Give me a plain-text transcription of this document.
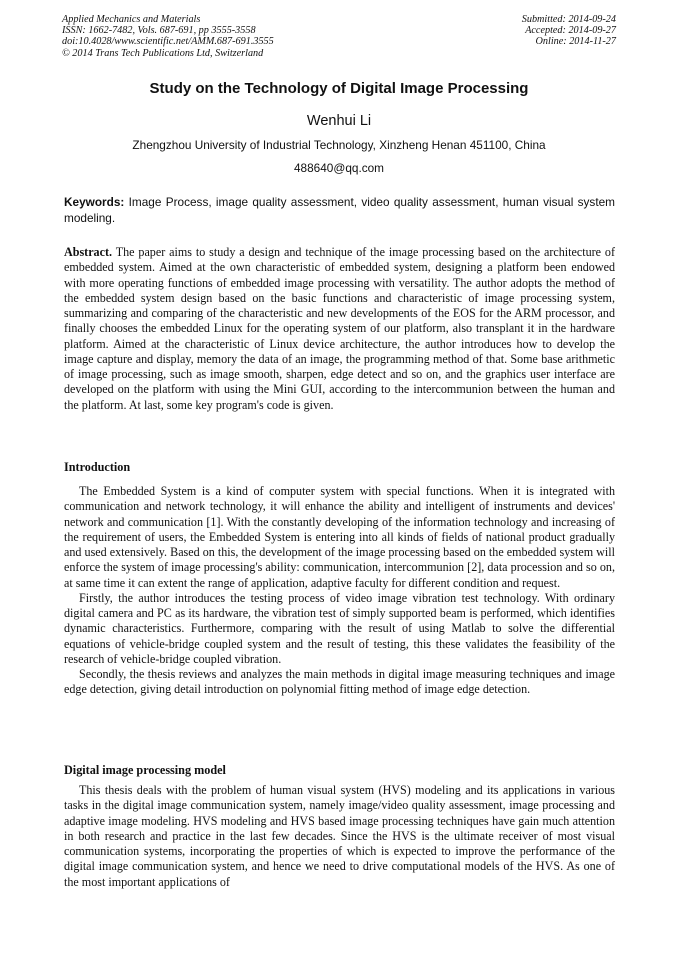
Applied Mechanics and Materials
ISSN: 1662-7482, Vols. 687-691, pp 3555-3558
doi:10.4028/www.scientific.net/AMM.687-691.3555
© 2014 Trans Tech Publications Ltd, Switzerland
Submitted: 2014-09-24
Accepted: 2014-09-27
Online: 2014-11-27
Study on the Technology of Digital Image Processing
Wenhui Li
Zhengzhou University of Industrial Technology, Xinzheng Henan 451100, China
488640@qq.com
Keywords: Image Process, image quality assessment, video quality assessment, human visual system modeling.
Abstract. The paper aims to study a design and technique of the image processing based on the architecture of embedded system. Aimed at the own characteristic of embedded system, designing a platform been endowed with more operating functions of embedded image processing with versatility. The author adopts the method of the embedded system design based on the basic functions and characteristic of image processing system, summarizing and comparing of the characteristic and new developments of the EOS for the ARM processor, and finally chooses the embedded Linux for the operating system of our platform, also transplant it in the hardware platform. Aimed at the characteristic of Linux device architecture, the author introduces how to develop the image capture and display, memory the data of an image, the programming method of that. Some base arithmetic of image processing, such as image smooth, sharpen, edge detect and so on, and the graphics user interface are developed on the platform with using the Mini GUI, according to the intercommunion between the human and the platform. At last, some key program's code is given.
Introduction

The Embedded System is a kind of computer system with special functions. When it is integrated with communication and network technology, it will enhance the ability and intelligent of instruments and devices' network and communication [1]. With the constantly developing of the information technology and increasing of the requirement of users, the Embedded System is entering into all kinds of fields of national product gradually and used extensively. Based on this, the development of the image processing based on the embedded system will enforce the system of image processing's ability: communication, intercommunion [2], data procession and so on, at same time it can extent the range of application, adaptive faculty for different condition and request.

Firstly, the author introduces the testing process of video image vibration test technology. With ordinary digital camera and PC as its hardware, the vibration test of simply supported beam is performed, which identifies dynamic characteristics. Furthermore, comparing with the result of using Matlab to solve the differential equations of vehicle-bridge coupled system and the result of testing, this these validates the feasibility of the research of vehicle-bridge coupled vibration.

Secondly, the thesis reviews and analyzes the main methods in digital image measuring techniques and image edge detection, giving detail introduction on polynomial fitting method of image edge detection.

Digital image processing model

This thesis deals with the problem of human visual system (HVS) modeling and its applications in various tasks in the digital image communication system, namely image/video quality assessment, image processing and adaptive image modeling. HVS modeling and HVS based image processing techniques have gain much attention in both research and practice in the last few decades. Since the HVS is the ultimate receiver of most visual communication systems, incorporating the properties of which is expected to improve the performance of the digital image communication system, and hence we need to drive computational models of the HVS. As one of the most important applications of
